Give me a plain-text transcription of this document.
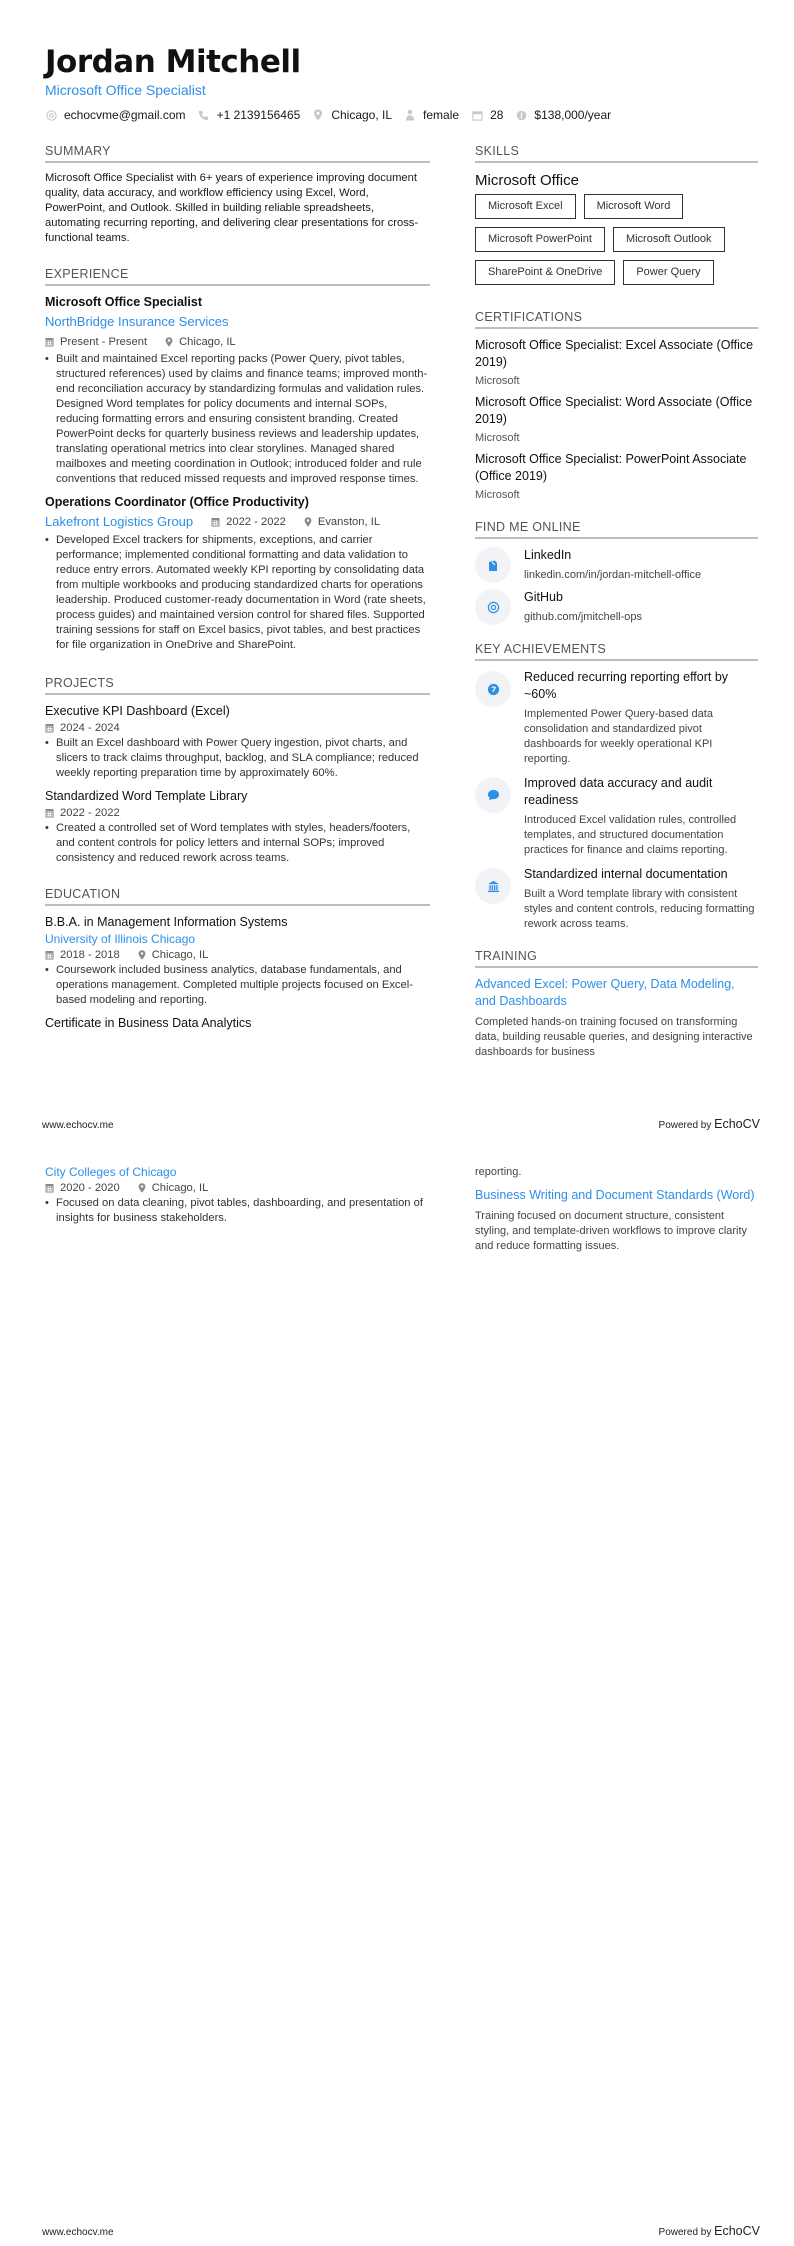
Jordan Mitchell
Microsoft Office Specialist
echocvme@gmail.com	+1 2139156465	Chicago, IL	female	28	$138,000/year
SUMMARY
Microsoft Office Specialist with 6+ years of experience improving document quality, data accuracy, and workflow efficiency using Excel, Word, PowerPoint, and Outlook. Skilled in building reliable spreadsheets, automating recurring reporting, and delivering clear presentations for cross-functional teams.
EXPERIENCE
Microsoft Office Specialist
NorthBridge Insurance Services
Present - Present	Chicago, IL
• Built and maintained Excel reporting packs (Power Query, pivot tables, structured references) used by claims and finance teams; improved month-end reconciliation accuracy by standardizing formulas and validation rules. Designed Word templates for policy documents and internal SOPs, reducing formatting errors and ensuring consistent branding. Created PowerPoint decks for quarterly business reviews and leadership updates, translating operational metrics into clear storylines. Managed shared mailboxes and meeting coordination in Outlook; introduced folder and rule conventions that reduced missed requests and improved response times.
Operations Coordinator (Office Productivity)
Lakefront Logistics Group	2022 - 2022	Evanston, IL
• Developed Excel trackers for shipments, exceptions, and carrier performance; implemented conditional formatting and data validation to reduce entry errors. Automated weekly KPI reporting by consolidating data from multiple workbooks and producing standardized charts for operations leadership. Produced customer-ready documentation in Word (rate sheets, process guides) and maintained version control for shared files. Supported training sessions for staff on Excel basics, pivot tables, and best practices for file organization in OneDrive and SharePoint.
PROJECTS
Executive KPI Dashboard (Excel)
2024 - 2024
• Built an Excel dashboard with Power Query ingestion, pivot charts, and slicers to track claims throughput, backlog, and SLA compliance; reduced weekly reporting preparation time by approximately 60%.
Standardized Word Template Library
2022 - 2022
• Created a controlled set of Word templates with styles, headers/footers, and content controls for policy letters and internal SOPs; improved consistency and reduced rework across teams.
EDUCATION
B.B.A. in Management Information Systems
University of Illinois Chicago
2018 - 2018	Chicago, IL
• Coursework included business analytics, database fundamentals, and operations management. Completed multiple projects focused on Excel-based modeling and reporting.
Certificate in Business Data Analytics
SKILLS
Microsoft Office
Microsoft Excel	Microsoft Word
Microsoft PowerPoint	Microsoft Outlook
SharePoint & OneDrive	Power Query
CERTIFICATIONS
Microsoft Office Specialist: Excel Associate (Office 2019)
Microsoft
Microsoft Office Specialist: Word Associate (Office 2019)
Microsoft
Microsoft Office Specialist: PowerPoint Associate (Office 2019)
Microsoft
FIND ME ONLINE
LinkedIn
linkedin.com/in/jordan-mitchell-office
GitHub
github.com/jmitchell-ops
KEY ACHIEVEMENTS
Reduced recurring reporting effort by ~60%
Implemented Power Query-based data consolidation and standardized pivot dashboards for weekly operational KPI reporting.
Improved data accuracy and audit readiness
Introduced Excel validation rules, controlled templates, and structured documentation practices for finance and claims reporting.
Standardized internal documentation
Built a Word template library with consistent styles and content controls, reducing formatting rework across teams.
TRAINING
Advanced Excel: Power Query, Data Modeling, and Dashboards
Completed hands-on training focused on transforming data, building reusable queries, and designing interactive dashboards for business
www.echocv.me	Powered by EchoCV
City Colleges of Chicago
2020 - 2020	Chicago, IL
• Focused on data cleaning, pivot tables, dashboarding, and presentation of insights for business stakeholders.
reporting.
Business Writing and Document Standards (Word)
Training focused on document structure, consistent styling, and template-driven workflows to improve clarity and reduce formatting issues.
www.echocv.me	Powered by EchoCV
